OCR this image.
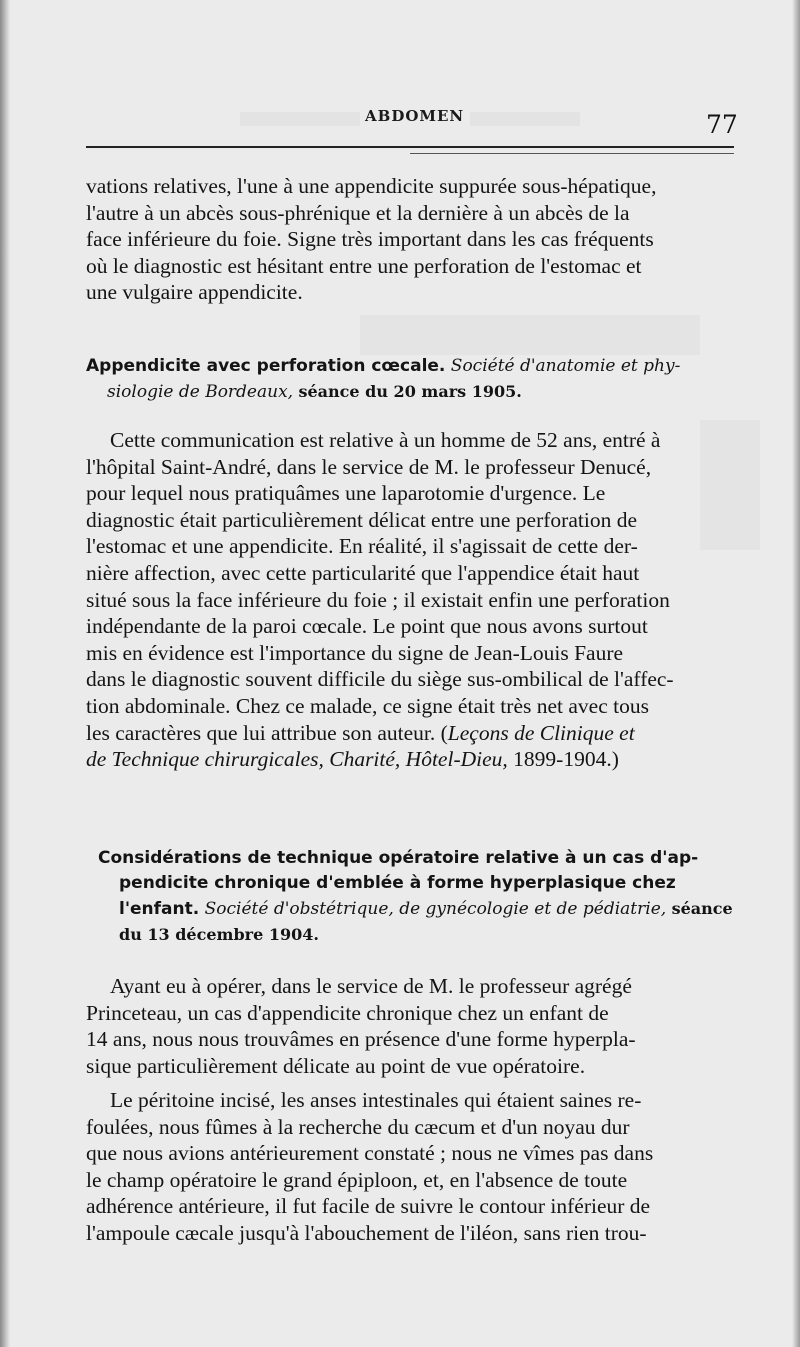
ABDOMEN	77
vations relatives, l'une à une appendicite suppurée sous-hépatique,
l'autre à un abcès sous-phrénique et la dernière à un abcès de la
face inférieure du foie. Signe très important dans les cas fréquents
où le diagnostic est hésitant entre une perforation de l'estomac et
une vulgaire appendicite.
Appendicite avec perforation cœcale. Société d'anatomie et phy-
siologie de Bordeaux, séance du 20 mars 1905.
Cette communication est relative à un homme de 52 ans, entré à
l'hôpital Saint-André, dans le service de M. le professeur Denucé,
pour lequel nous pratiquâmes une laparotomie d'urgence. Le
diagnostic était particulièrement délicat entre une perforation de
l'estomac et une appendicite. En réalité, il s'agissait de cette der-
nière affection, avec cette particularité que l'appendice était haut
situé sous la face inférieure du foie ; il existait enfin une perforation
indépendante de la paroi cœcale. Le point que nous avons surtout
mis en évidence est l'importance du signe de Jean-Louis Faure
dans le diagnostic souvent difficile du siège sus-ombilical de l'affec-
tion abdominale. Chez ce malade, ce signe était très net avec tous
les caractères que lui attribue son auteur. (Leçons de Clinique et
de Technique chirurgicales, Charité, Hôtel-Dieu, 1899-1904.)
Considérations de technique opératoire relative à un cas d'ap-
pendicite chronique d'emblée à forme hyperplasique chez
l'enfant. Société d'obstétrique, de gynécologie et de pédiatrie, séance
du 13 décembre 1904.
Ayant eu à opérer, dans le service de M. le professeur agrégé
Princeteau, un cas d'appendicite chronique chez un enfant de
14 ans, nous nous trouvâmes en présence d'une forme hyperpla-
sique particulièrement délicate au point de vue opératoire.
Le péritoine incisé, les anses intestinales qui étaient saines re-
foulées, nous fûmes à la recherche du cæcum et d'un noyau dur
que nous avions antérieurement constaté ; nous ne vîmes pas dans
le champ opératoire le grand épiploon, et, en l'absence de toute
adhérence antérieure, il fut facile de suivre le contour inférieur de
l'ampoule cæcale jusqu'à l'abouchement de l'iléon, sans rien trou-
